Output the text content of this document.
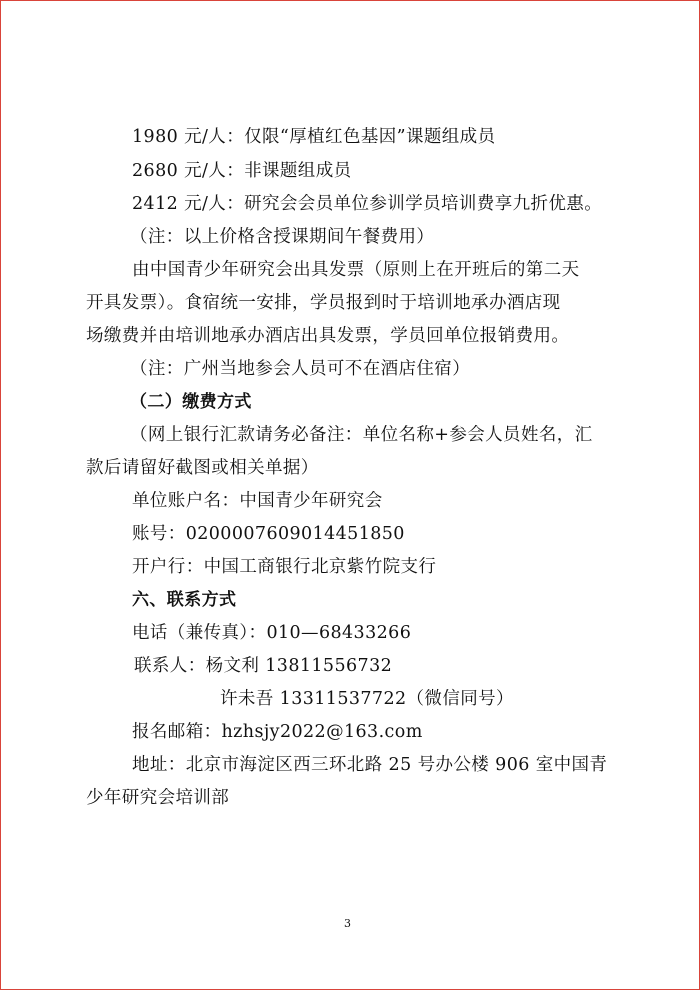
1980 元/人：仅限“厚植红色基因”课题组成员
2680 元/人：非课题组成员
2412 元/人：研究会会员单位参训学员培训费享九折优惠。
（注：以上价格含授课期间午餐费用）
由中国青少年研究会出具发票（原则上在开班后的第二天
开具发票）。食宿统一安排，学员报到时于培训地承办酒店现
场缴费并由培训地承办酒店出具发票，学员回单位报销费用。
（注：广州当地参会人员可不在酒店住宿）
（二）缴费方式
（网上银行汇款请务必备注：单位名称+参会人员姓名，汇
款后请留好截图或相关单据）
单位账户名：中国青少年研究会
账号：0200007609014451850
开户行：中国工商银行北京紫竹院支行
六、联系方式
电话（兼传真）：010—68433266
联系人：杨文利 13811556732
许未吾 13311537722（微信同号）
报名邮箱：hzhsjy2022@163.com
地址：北京市海淀区西三环北路 25 号办公楼 906 室中国青
少年研究会培训部
3
